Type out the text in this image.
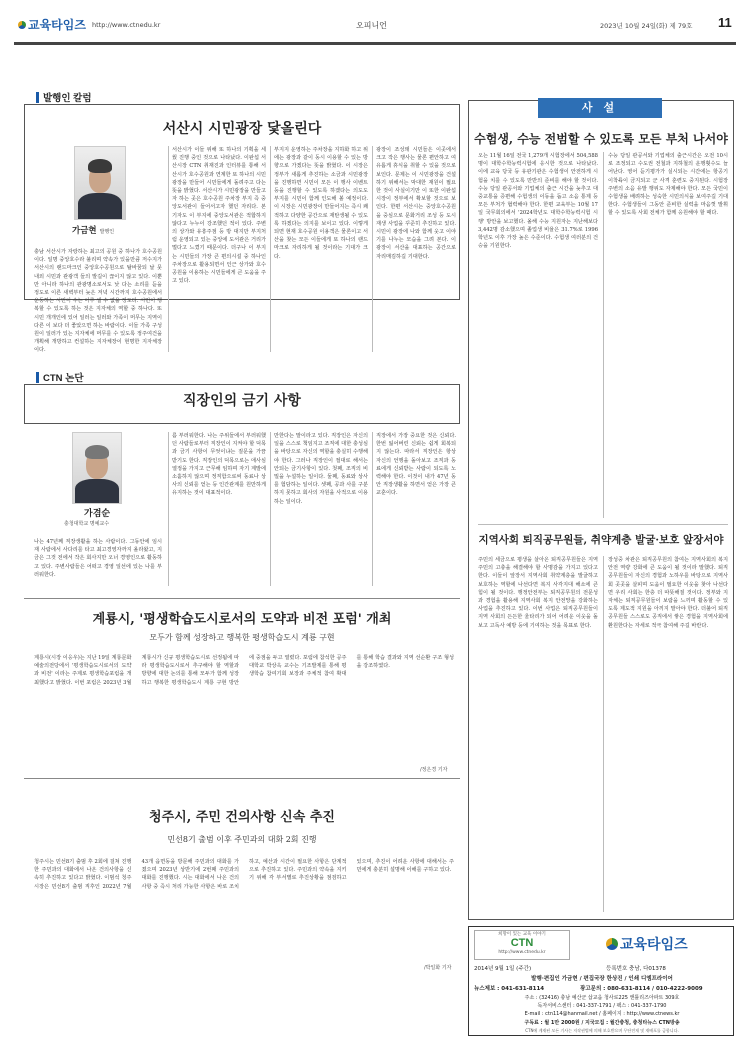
교육타임즈 http://www.ctnedu.kr	오피니언	2023년 10월 24일(화) 제 79호 11
발행인 칼럼
서산시 시민광장 닻올린다
가금현 발행인
충남 서산시가 자랑하는 최고의 공원 중 하나가 호수공원이다. 일명 중앙호수라 불리며 약속가 있을만큼 저수지가 서산시의 랜드마크인 중앙호수공원으로 탈바꿈되 날 뭇 내외 시민과 관광객 들의 발길이 끊이지 않고 있다. 이뿐만 아니라 하나의 관광명소로서도 낮 다는 소리를 듣을 정도로 이른 새벽부터 늦은 저녁 시간까지 호수공원에서 운동하는 시민이 수는 이루 셀 수 없을 정도다. 시민이 행복할 수 있도록 하는 것은 지자체의 역할 중 하나다. 또 시민 개개인에 있어 일러는 일러와 가족이 머무는 지역이 다른 이 보다 더 좋았으면 하는 바람이다. 이들 가족 구성원이 일러가 있는 지자체에 머무를 수 있도록 정주여건을 개획해 개방하고 컨설하는 지자체장이 현명한 지자체장이다.
서산시가 이들 위해 또 하나의 기획을 세웠 진행 중인 것으로 나타났다. 이완섭 서산시장 CTN 취재진과 인터뷰를 통해 서산시가 호수공원과 연계한 또 하나의 시민광장을 만들어 시민들에게 돌려주고 다는 뜻을 밝혔다. 서산시가 시민광장을 만들고자 하는 곳은 호수공원 주차장 부지 즉 중앙도서관이 들어서고자 했던 자리다. 본 기자도 이 부지에 중앙도서관은 적합하지 않다고 누누이 강조했던 적이 있다. 주변의 상가와 유흥주점 등 방 대지만 부지처럼 운영되고 있는 중앙에 도서관은 거리가 멀다고 느꼈기 때문이다. 더구나 이 부지는 시민들의 가장 큰 편의시설 중 하나인 주차장으로 활용되면서 인근 상가와 호수공원을 이용하는 시민들에게 큰 도움을 주고 있다.
부지지 운영하는 주차장을 지하화 하고 위에는 광장과 같이 동시 이용할 수 있는 방향으로 가겠다는 뜻을 밝혔다. 이 시장은 정부가 새롭게 추진하는 소금과 시민광장을 진행하면 시민이 모든 이 행사 이벤트 등을 진행할 수 있도록 하겠다는 의도도 부지를 시민이 함께 인도해 볼 예정이다. 이 시장은 시민광장이 만들어지는 즉시 쾌적하고 다양한 공간으로 재탄생될 수 있도록 하겠다는 의지를 보이고 있다. 이렇게 되면 현재 호수공원 이용객은 물론이고 서산을 찾는 모든 이들에게 또 하나의 랜드마크로 자리하게 될 것이라는 기대가 크다.
광장이 조성돼 시민들은 이곳에서 크고 작은 행사는 물론 편안하고 여유롭게 휴식을 취할 수 있을 것으로 보인다. 문제는 이 시민광장을 건설하기 위해서는 막대한 재원이 필요한 것이 사실이기만 이 또한 이완섭 시장이 정부에서 확보할 것으로 보인다. 한편 서산시는 중앙호수공원을 중심으로 문화거리 조성 등 도시재생 사업을 꾸준히 추진하고 있다. 시민이 광장에 나와 함께 웃고 이야기를 나누는 모습을 그려 본다. 이 광장이 서산을 대표하는 공간으로 자리매김하길 기대한다.
CTN 논단
직장인의 금기 사항
가겸순
충청대학교 명예교수
나는 47년쩨 직장생활을 하는 사람이다. 그동안에 임시재 사람에서 사다리를 타고 최고경영자까지 올라왔고, 지금은 그것 전에서 작은 회사지만 오너 경영인으로 활동하고 있다. 주변사람들은 어떠고 경영 일선에 있는 나를 부러워한다.
름 부러워한다. 나는 주위들에서 부러워했던 사람들로부터 직장인이 지켜야 할 덕목과 금기 사항이 무엇이냐는 질문을 가끔 받기도 한다. 직장인의 덕목으로는 애사심 열정을 가지고 근무해 임하며 자기 계발에 소홀하지 않으며 정직함으로써 동료나 상사의 신뢰를 얻는 등 인간관계를 원만하게 유지하는 것이 대표적이다.
만한다는 말이라고 있다. 직장인은 자신의 일을 스스로 책임지고 조직에 대한 충성심을 바탕으로 자신의 역할을 충실히 수행해야 한다. 그러나 직장인이 절대로 해서는 안되는 금기사항이 있다. 첫째, 조직의 비밀을 누설하는 일이다. 둘째, 동료와 상사를 험담하는 일이다. 셋째, 공과 사를 구분하지 못하고 회사의 자원을 사적으로 이용하는 일이다.
직장에서 가장 중요한 것은 신뢰다. 한번 잃어버린 신뢰는 쉽게 회복되지 않는다. 따라서 직장인은 항상 자신의 언행을 돌아보고 조직과 동료에게 신뢰받는 사람이 되도록 노력해야 한다. 이것이 내가 47년 동안 직장생활을 하면서 얻은 가장 큰 교훈이다.
계룡시, '평생학습도시로서의 도약과 비전 포럼' 개최
모두가 함께 성장하고 행복한 평생학습도시 계룡 구현
계룡시(시장 이응우)는 지난 19일 계룡문화예술의전당에서 '평생학습도시로서의 도약과 비전' 이라는 주제로 평생학습포럼을 개최했다고 밝혔다. 이번 포럼은 2023년 3월 계룡시가 신규 평생학습도시로 선정됨에 따라 평생학습도시로서 추구해야 할 역할과 방향에 대한 논의를 통해 모두가 함께 성장하고 행복한 평생학습도시 계룡 구현 방안에 중점을 두고 열렸다. 포럼에 참석한 공주대학교 박상옥 교수는 기조발제를 통해 평생학습 참여기회 보장과 주체적 참여 확대를 통해 학습 결과와 지역 선순환 구조 형성을 강조하였다.
/정은경 기자
청주시, 주민 건의사항 신속 추진
민선8기 출범 이후 주민과의 대화 2회 진행
청주시는 민선8기 출범 후 2회에 걸쳐 진행한 주민과의 대화에서 나온 건의사항을 신속히 추진하고 있다고 밝혔다. 이범석 청주시장은 민선8기 출범 직후인 2022년 7월 43개 읍면동을 방문해 주민과의 대화를 가졌으며 2023년 상반기에 2번째 주민과의 대화를 진행했다. 시는 대화에서 나온 건의사항 중 즉시 처리 가능한 사항은 바로 조치하고, 예산과 시간이 필요한 사항은 단계적으로 추진하고 있다. 주민과의 약속을 지키기 위해 각 부서별로 추진상황을 점검하고 있으며, 추진이 어려운 사항에 대해서는 주민에게 충분히 설명해 이해를 구하고 있다.
/박일화 기자
사 설
수험생, 수능 전범할 수 있도록 모든 부처 나서야
오는 11월 16일 전국 1,279개 시험장에서 504,588명이 대학수학능력시험에 응시한 것으로 나타났다. 이에 교육 당국 등 유관기관은 수험생이 안전하게 시험을 치를 수 있도록 만반의 준비를 해야 할 것이다. 수능 당일 관공서와 기업체의 출근 시간을 늦추고 대중교통을 증편해 수험생의 이동을 돕고 소음 통제 등 모든 부처가 협력해야 한다. 한편 교육부는 10월 17일 국무회의에서 '2024학년도 대학수학능력시험 시행' 방안을 보고했다. 올해 수능 지원자는 지난해보다 3,442명 감소했으며 졸업생 비율은 31.7%로 1996학년도 이후 가장 높은 수준이다. 수험생 여러분의 건승을 기원한다.
수능 당일 관공서와 기업체의 출근시간은 오전 10시로 조정되고 수도권 전철과 지하철의 운행횟수도 늘어난다. 영어 듣기평가가 실시되는 시간에는 항공기 이착륙이 금지되고 군 사격 훈련도 중지된다. 시험장 주변의 소음 유발 행위도 자제해야 한다. 모든 국민이 수험생을 배려하는 성숙한 시민의식을 보여주길 기대한다. 수험생들이 그동안 준비한 실력을 마음껏 발휘할 수 있도록 사회 전체가 함께 응원해야 할 때다.
지역사회 퇴직공무원들, 취약계층 발굴·보호 앞장서야
주민의 세금으로 평생을 살아온 퇴직공무원들은 지역주민의 고충을 해결해야 할 사명감을 가지고 있다고 한다. 이들이 앞장서 지역사회 취약계층을 발굴하고 보호하는 역할에 나선다면 복지 사각지대 해소에 큰 힘이 될 것이다. 행정안전부는 퇴직공무원의 전문성과 경험을 활용해 지역사회 복지 안전망을 강화하는 사업을 추진하고 있다. 이번 사업은 퇴직공무원들이 지역 사회의 든든한 울타리가 되어 어려운 이웃을 돌보고 고독사 예방 등에 기여하는 것을 목표로 한다.
장성중 차관은 퇴직공무원의 참여는 지역사회의 복지 안전 역량 강화에 큰 도움이 될 것이라 말했다. 퇴직공무원들이 자신의 경험과 노하우를 바탕으로 지역사회 곳곳을 살피며 도움이 필요한 이웃을 찾아 나선다면 우리 사회는 한층 더 따뜻해질 것이다. 정부와 지자체는 퇴직공무원들이 보람을 느끼며 활동할 수 있도록 제도적 지원을 아끼지 말아야 한다. 더불어 퇴직공무원들 스스로도 공직에서 쌓은 경험을 지역사회에 환원한다는 자세로 적극 참여해 주길 바란다.
희망이 있는 교육 이야기
CTN
http://www.ctnedu.kr
교육타임즈
2014년 9월 1일 (주간)	등록번호 충남, 다01378
발행·편집인 가금현 / 편집국장 한상진 / 인쇄 디엠프라이어
뉴스제보 : 041-631-8114	광고문의 : 080-631-8114 / 010-4222-9009
주소 : (32416) 충남 예산군 삽교읍 청사로225 앤틀리즈아파트 309호
독자서비스센터 : 041-337-1791 / 팩스 : 041-337-1790
E-mail : ctn114@hanmail.net / 홈페이지 : http://www.ctnews.kr
구독료 : 월 1만 2000원 / 지국모집 : 월간충청, 충청타뉴스 CTN방송
CTN에 게재된 모든 기사는 저작권법에 의해 보호받으며 무단전재 및 재배포를 금합니다.
